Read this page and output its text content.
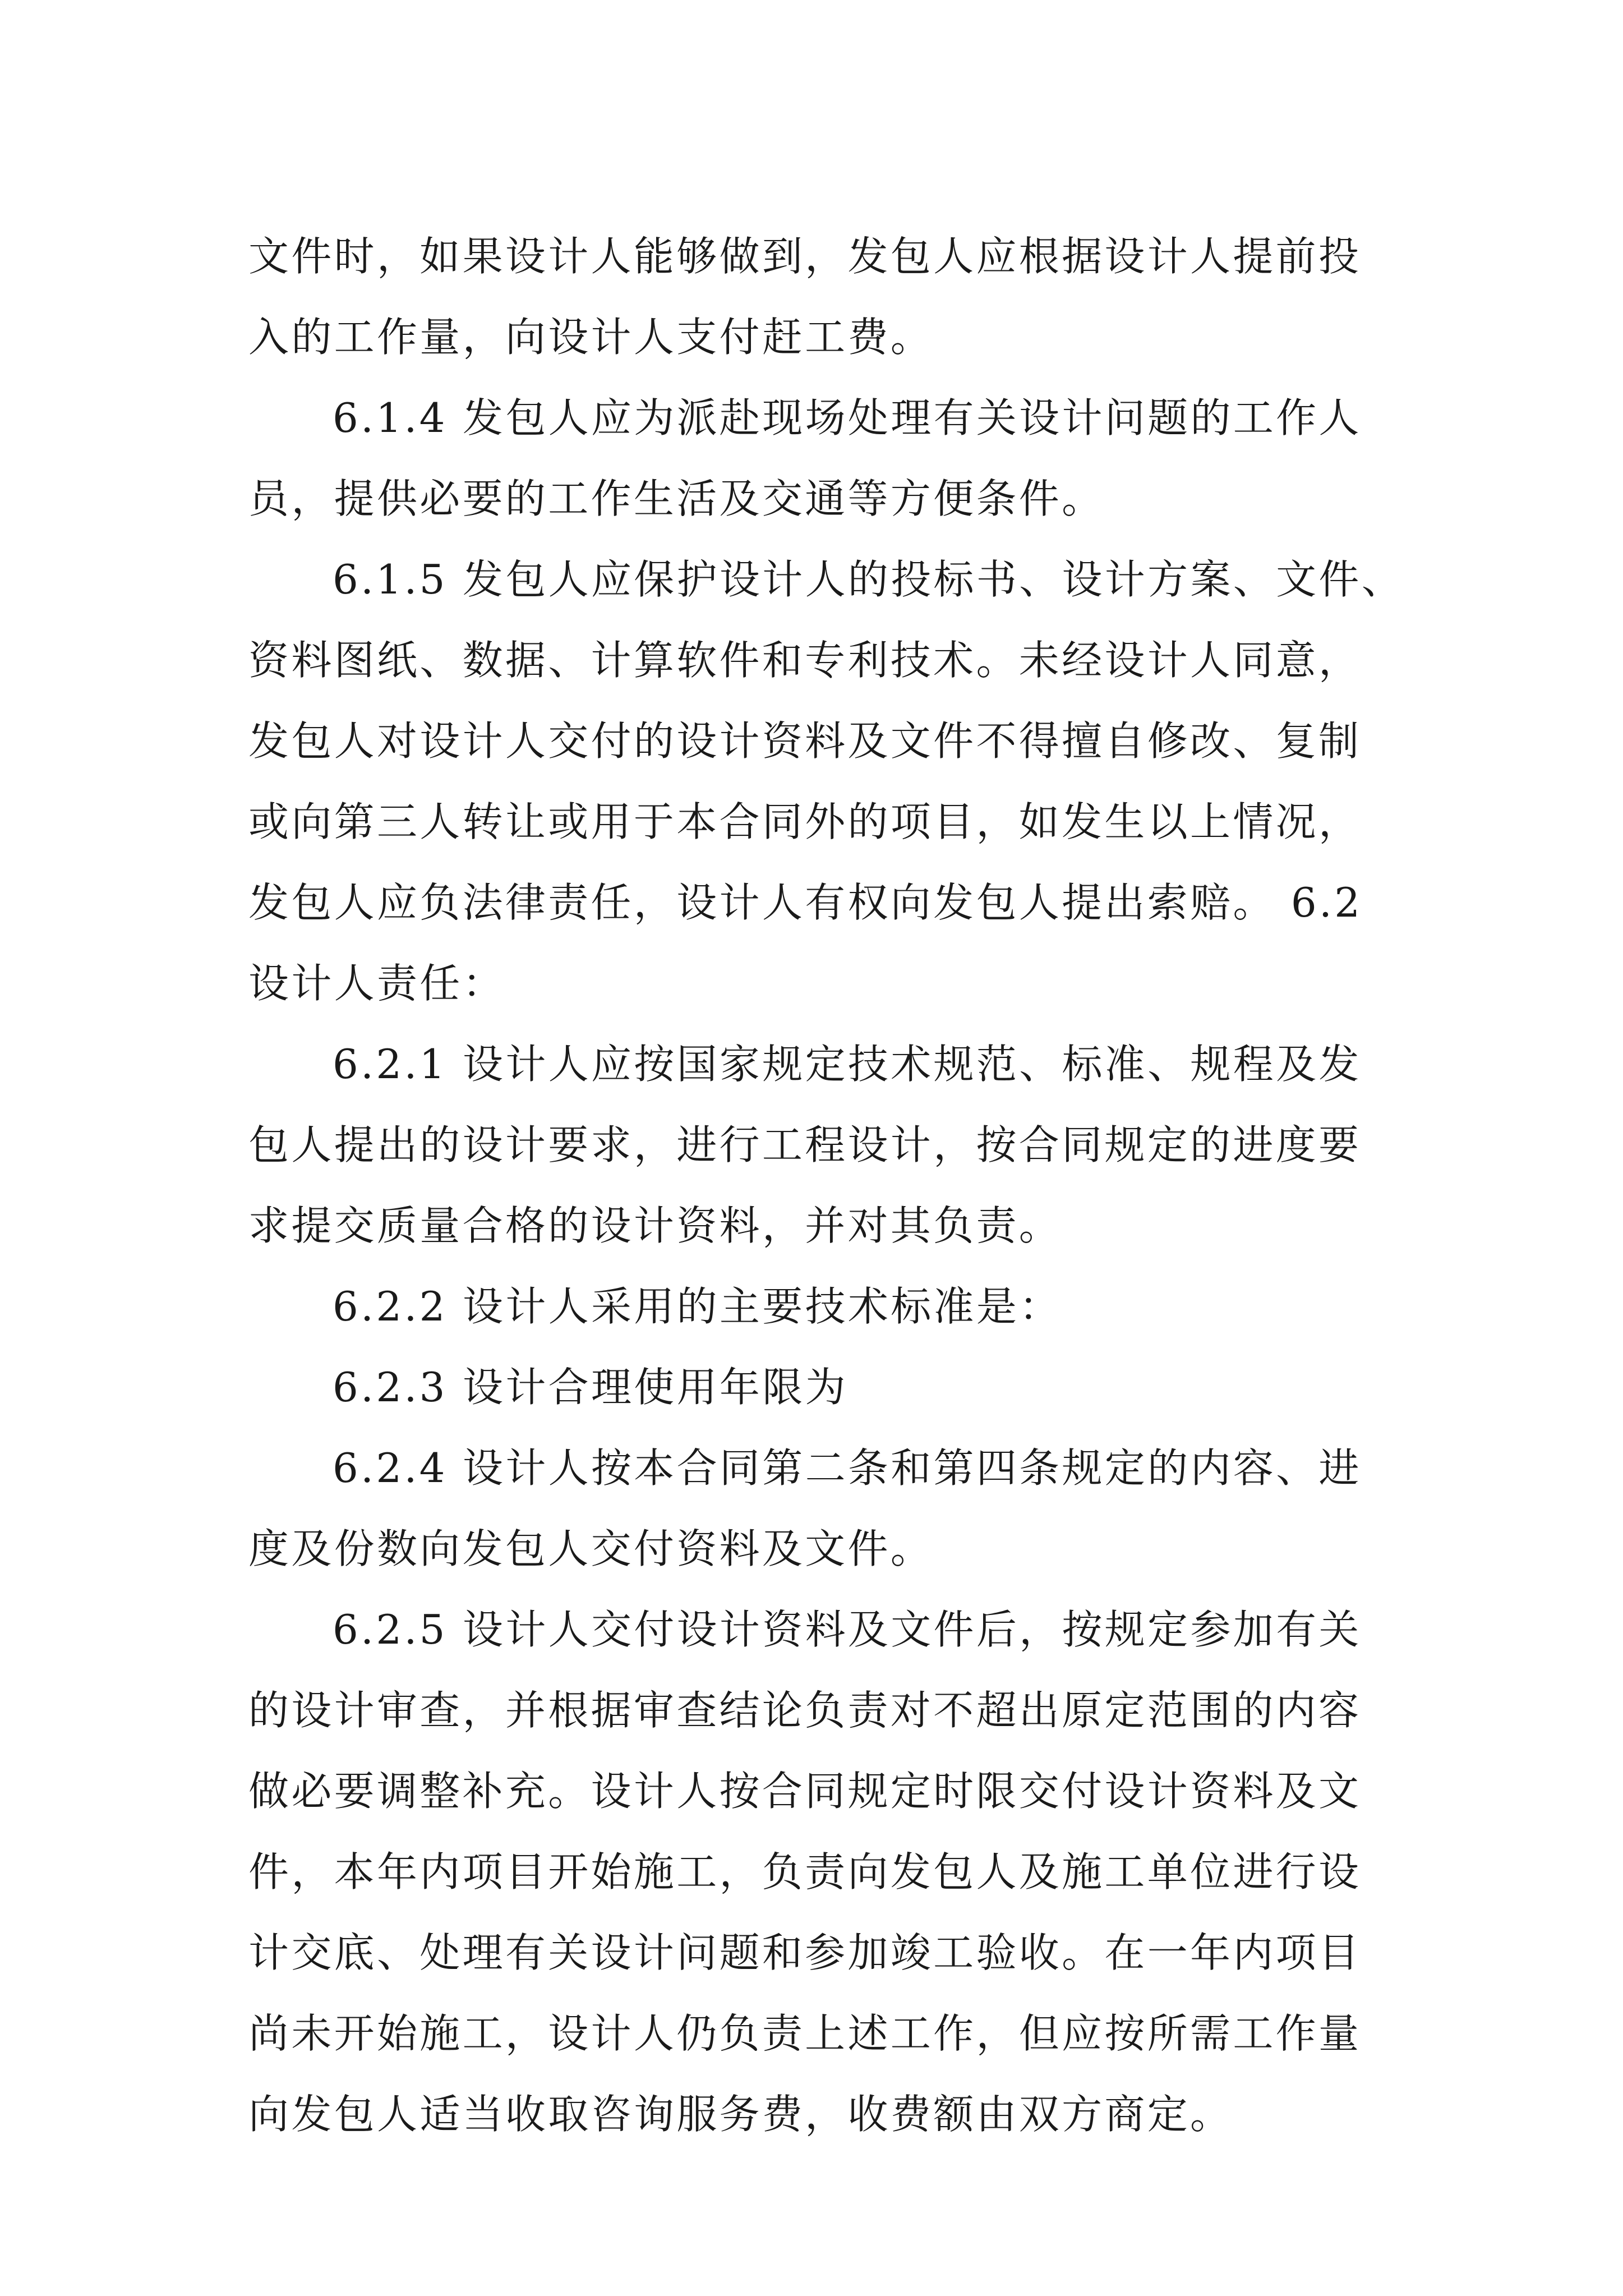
文件时，如果设计人能够做到，发包人应根据设计人提前投
入的工作量，向设计人支付赶工费。
6.1.4 发包人应为派赴现场处理有关设计问题的工作人
员，提供必要的工作生活及交通等方便条件。
6.1.5 发包人应保护设计人的投标书、设计方案、文件、
资料图纸、数据、计算软件和专利技术。未经设计人同意，
发包人对设计人交付的设计资料及文件不得擅自修改、复制
或向第三人转让或用于本合同外的项目，如发生以上情况，
发包人应负法律责任，设计人有权向发包人提出索赔。 6.2
设计人责任：
6.2.1 设计人应按国家规定技术规范、标准、规程及发
包人提出的设计要求，进行工程设计，按合同规定的进度要
求提交质量合格的设计资料，并对其负责。
6.2.2 设计人采用的主要技术标准是：
6.2.3 设计合理使用年限为
6.2.4 设计人按本合同第二条和第四条规定的内容、进
度及份数向发包人交付资料及文件。
6.2.5 设计人交付设计资料及文件后，按规定参加有关
的设计审查，并根据审查结论负责对不超出原定范围的内容
做必要调整补充。设计人按合同规定时限交付设计资料及文
件，本年内项目开始施工，负责向发包人及施工单位进行设
计交底、处理有关设计问题和参加竣工验收。在一年内项目
尚未开始施工，设计人仍负责上述工作，但应按所需工作量
向发包人适当收取咨询服务费，收费额由双方商定。
